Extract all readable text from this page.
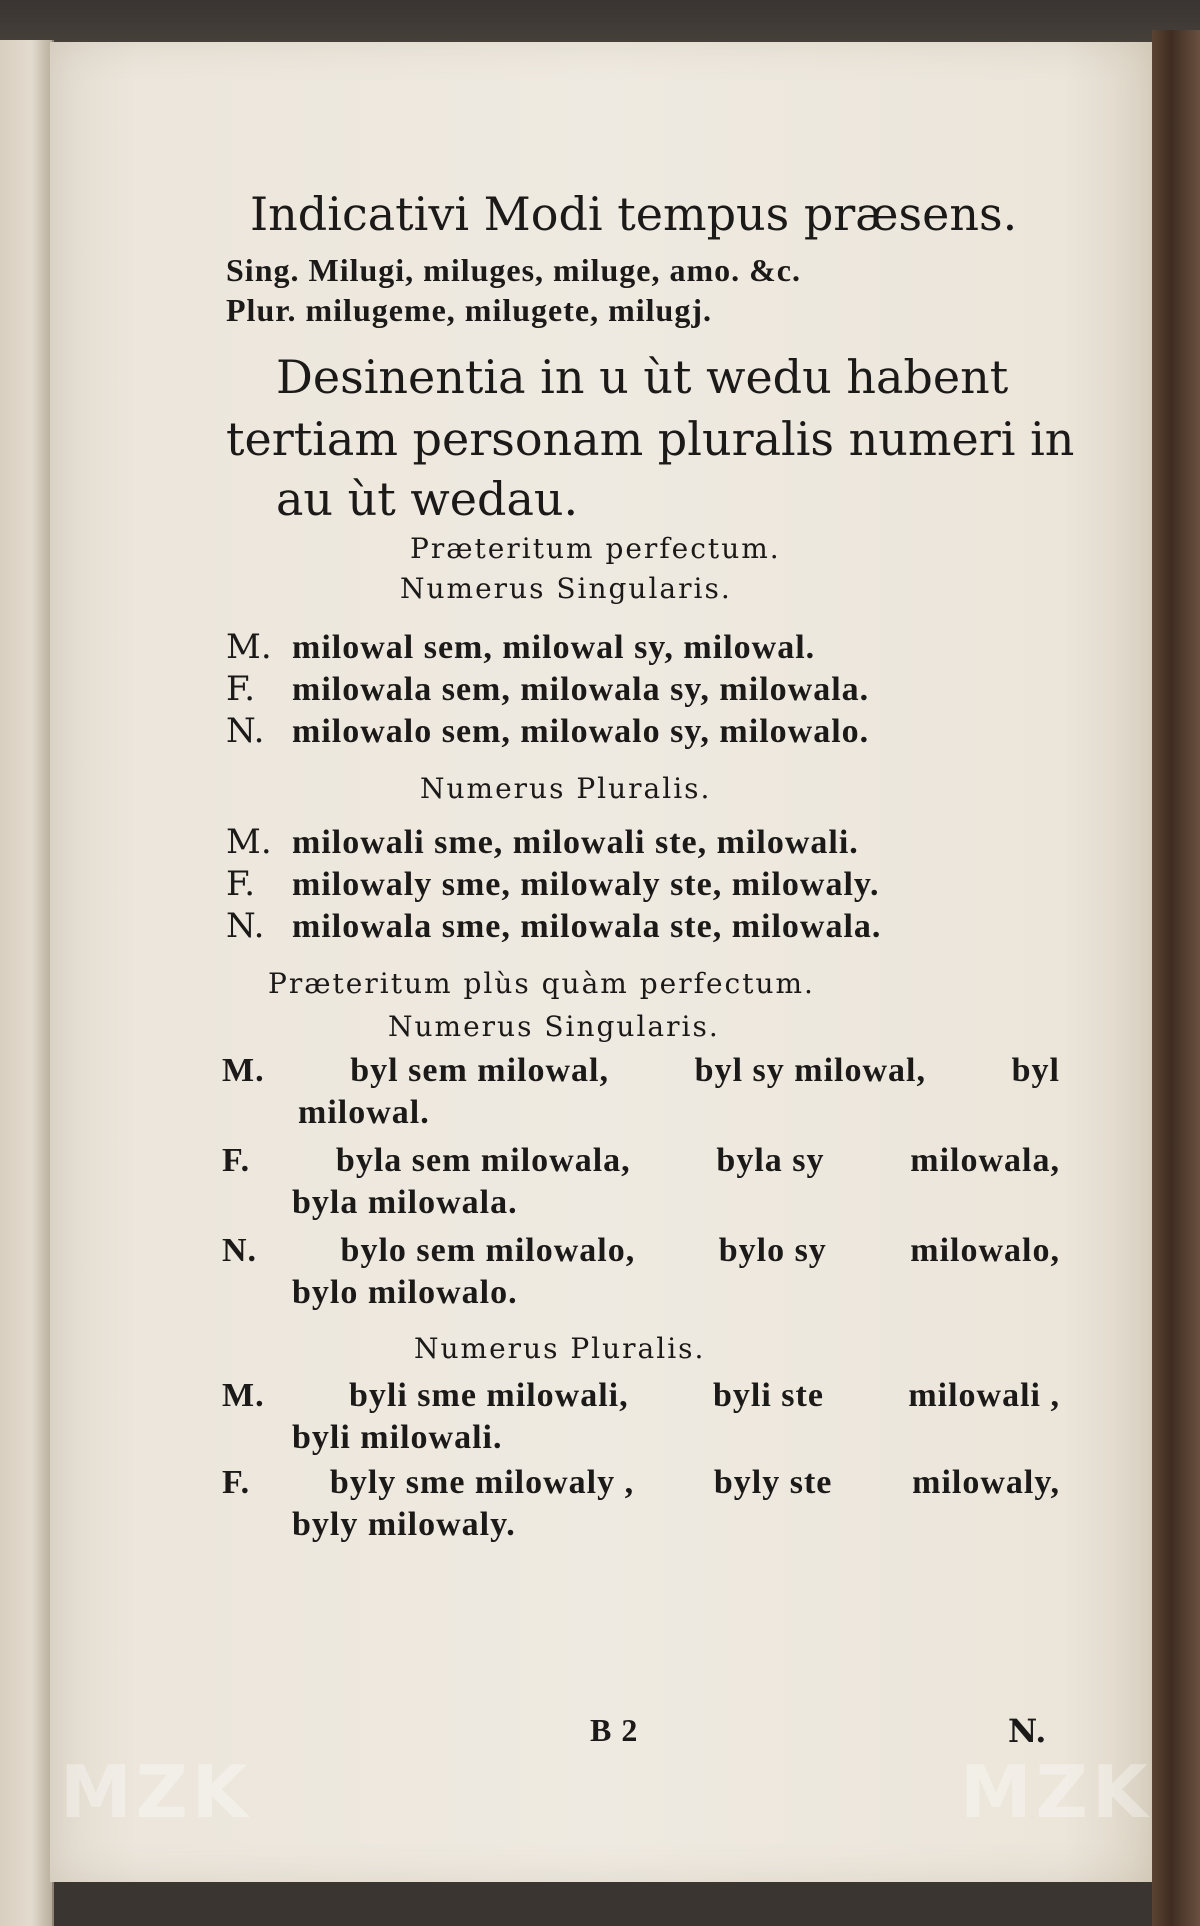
Indicativi Modi tempus præsens.
Sing. Milugi, miluges, miluge, amo. &c.
Plur. milugeme, milugete, milugj.
Desinentia in u ùt wedu habent
tertiam personam pluralis numeri in
au ùt wedau.
Præteritum perfectum.
Numerus Singularis.
M. milowal sem, milowal sy, milowal.
F. milowala sem, milowala sy, milowala.
N. milowalo sem, milowalo sy, milowalo.
Numerus Pluralis.
M. milowali sme, milowali ste, milowali.
F. milowaly sme, milowaly ste, milowaly.
N. milowala sme, milowala ste, milowala.
Præteritum plùs quàm perfectum.
Numerus Singularis.
M.	byl sem milowal,	byl sy milowal,	byl
milowal.
F.	byla sem milowala,	byla sy	milowala,
byla milowala.
N. bylo sem milowalo, bylo sy milowalo,
bylo milowalo.
Numerus Pluralis.
M. byli sme milowali, byli ste milowali ,
byli milowali.
F. byly sme milowaly , byly ste milowaly,
byly milowaly.
B 2	N.
MZK	MZK
